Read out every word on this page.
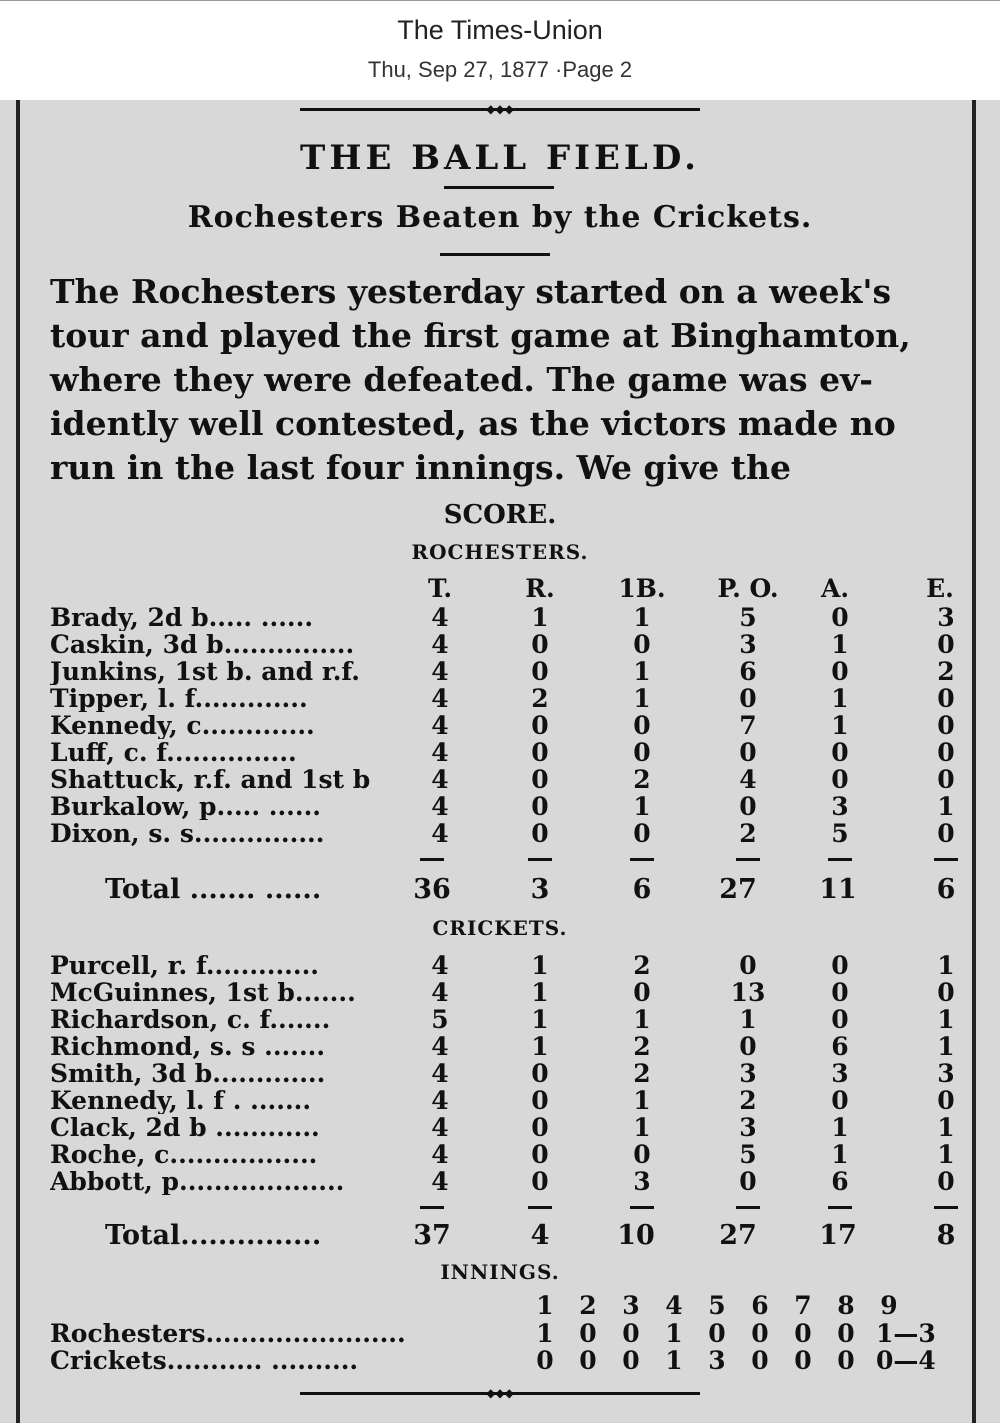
The Times-Union
Thu, Sep 27, 1877 ·Page 2
◆◆◆
THE BALL FIELD.
Rochesters Beaten by the Crickets.
The Rochesters yesterday started on a week's
tour and played the first game at Binghamton,
where they were defeated. The game was ev-
idently well contested, as the victors made no
run in the last four innings. We give the
SCORE.
ROCHESTERS.
T.	R.	1B.	P. O.	A.	E.
Brady, 2d b..... ......	4	1	1	5	0	3
Caskin, 3d b...............	4	0	0	3	1	0
Junkins, 1st b. and r.f.	4	0	1	6	0	2
Tipper, l. f.............	4	2	1	0	1	0
Kennedy, c.............	4	0	0	7	1	0
Luff, c. f...............	4	0	0	0	0	0
Shattuck, r.f. and 1st b	4	0	2	4	0	0
Burkalow, p..... ......	4	0	1	0	3	1
Dixon, s. s...............	4	0	0	2	5	0
Total ....... ......	36	3	6	27 11	6
CRICKETS.
Purcell, r. f.............	4	1	2	0	0	1
McGuinnes, 1st b.......	4	1	0	13	0	0
Richardson, c. f.......	5	1	1	1	0	1
Richmond, s. s .......	4	1	2	0	6	1
Smith, 3d b.............	4	0	2	3	3	3
Kennedy, l. f . .......	4	0	1	2	0	0
Clack, 2d b ............	4	0	1	3	1	1
Roche, c.................	4	0	0	5	1	1
Abbott, p...................	4	0	3	0	6	0
Total...............	37	4	10 27 17	8
INNINGS.
1 2 3 4 5 6 7 8 9
Rochesters.......................	1 0 0 1 0 0 0 0 1—3
Crickets........... ..........	0 0 0 1 3 0 0 0 0—4
◆◆◆
